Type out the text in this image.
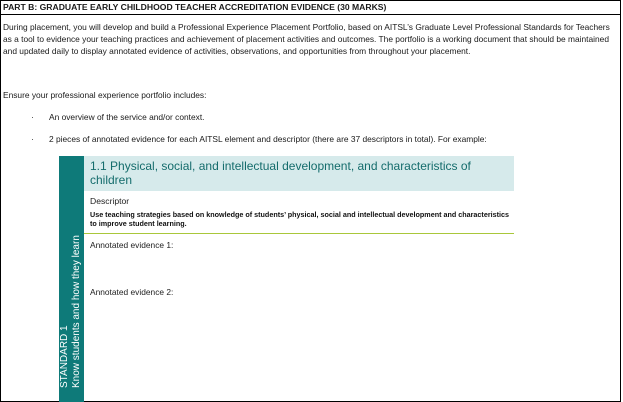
PART B: GRADUATE EARLY CHILDHOOD TEACHER ACCREDITATION EVIDENCE (30 MARKS)
During placement, you will develop and build a Professional Experience Placement Portfolio, based on AITSL’s Graduate Level Professional Standards for Teachers as a tool to evidence your teaching practices and achievement of placement activities and outcomes. The portfolio is a working document that should be maintained and updated daily to display annotated evidence of activities, observations, and opportunities from throughout your placement.
Ensure your professional experience portfolio includes:
· An overview of the service and/or context.
· 2 pieces of annotated evidence for each AITSL element and descriptor (there are 37 descriptors in total). For example:
STANDARD 1 Know students and how they learn
1.1 Physical, social, and intellectual development, and characteristics of children
Descriptor
Use teaching strategies based on knowledge of students’ physical, social and intellectual development and characteristics to improve student learning.
Annotated evidence 1:
Annotated evidence 2:
